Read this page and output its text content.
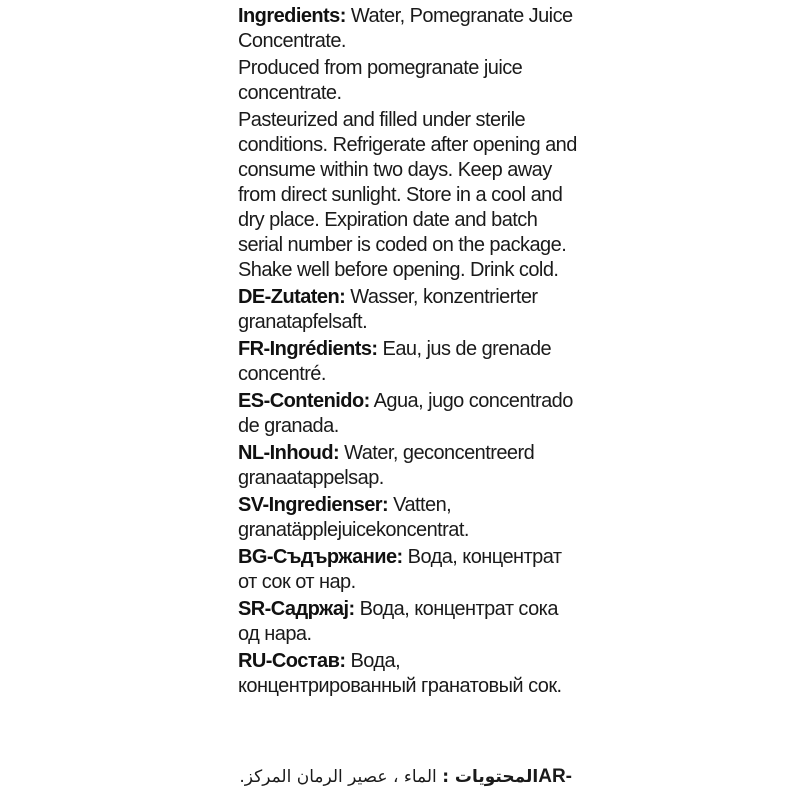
Ingredients: Water, Pomegranate Juice Concentrate.

Produced from pomegranate juice concentrate.

Pasteurized and filled under sterile conditions. Refrigerate after opening and consume within two days. Keep away from direct sunlight. Store in a cool and dry place. Expiration date and batch serial number is coded on the package. Shake well before opening. Drink cold.

DE-Zutaten: Wasser, konzentrierter granatapfelsaft.

FR-Ingrédients: Eau, jus de grenade concentré.

ES-Contenido: Agua, jugo concentrado de granada.

NL-Inhoud: Water, geconcentreerd granaatappelsap.

SV-Ingredienser: Vatten, granatäpplejuicekoncentrat.

BG-Съдържание: Вода, концентрат от сок от нар.

SR-Садржај: Вода, концентрат сока од нара.

RU-Состав: Вода, концентрированный гранатовый сок.

AR-المحتويات : الماء ، عصير الرمان المركز.
